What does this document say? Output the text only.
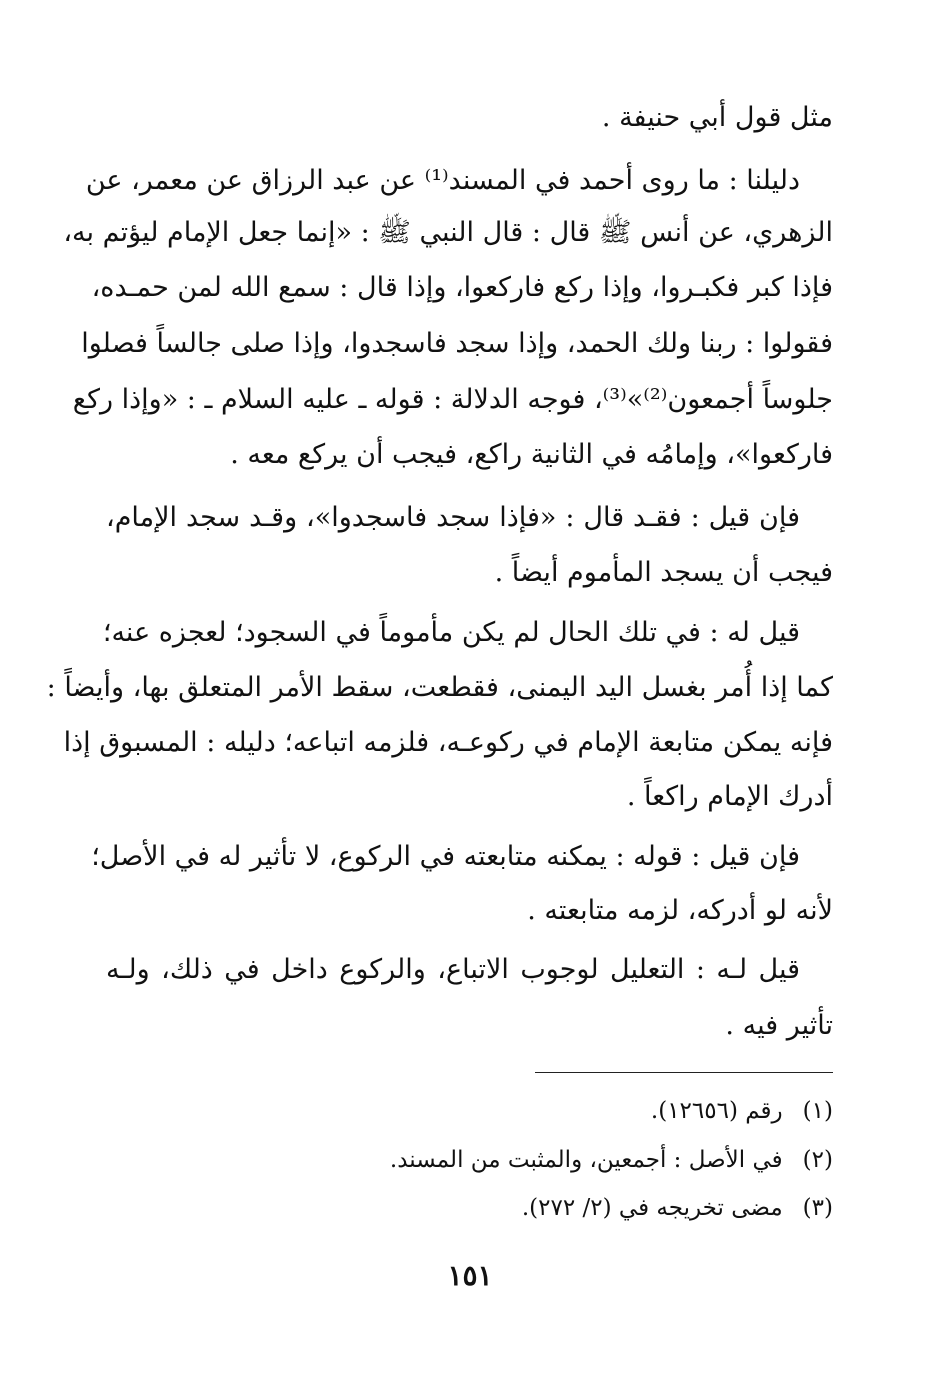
مثل قول أبي حنيفة .
دليلنا : ما روى أحمد في المسند⁽¹⁾ عن عبد الرزاق عن معمر، عن
الزهري، عن أنس ﷺ قال : قال النبي ﷺ : «إنما جعل الإمام ليؤتم به،
فإذا كبر فكبـروا، وإذا ركع فاركعوا، وإذا قال : سمع الله لمن حمـده،
فقولوا : ربنا ولك الحمد، وإذا سجد فاسجدوا، وإذا صلى جالساً فصلوا
جلوساً أجمعون⁽²⁾»⁽³⁾، فوجه الدلالة : قوله ـ عليه السلام ـ : «وإذا ركع
فاركعوا»، وإمامُه في الثانية راكع، فيجب أن يركع معه .
فإن قيل : فقـد قال : «فإذا سجد فاسجدوا»، وقـد سجد الإمام،
فيجب أن يسجد المأموم أيضاً .
قيل له : في تلك الحال لم يكن مأموماً في السجود؛ لعجزه عنه؛
كما إذا أُمر بغسل اليد اليمنى، فقطعت، سقط الأمر المتعلق بها، وأيضاً :
فإنه يمكن متابعة الإمام في ركوعـه، فلزمه اتباعه؛ دليله : المسبوق إذا
أدرك الإمام راكعاً .
فإن قيل : قوله : يمكنه متابعته في الركوع، لا تأثير له في الأصل؛
لأنه لو أدركه، لزمه متابعته .
قيل لـه : التعليل لوجوب الاتباع، والركوع داخل في ذلك، ولـه
تأثير فيه .
(١)رقم (١٢٦٥٦).
(٢)في الأصل : أجمعين، والمثبت من المسند.
(٣)مضى تخريجه في (٢/ ٢٧٢).
١٥١
